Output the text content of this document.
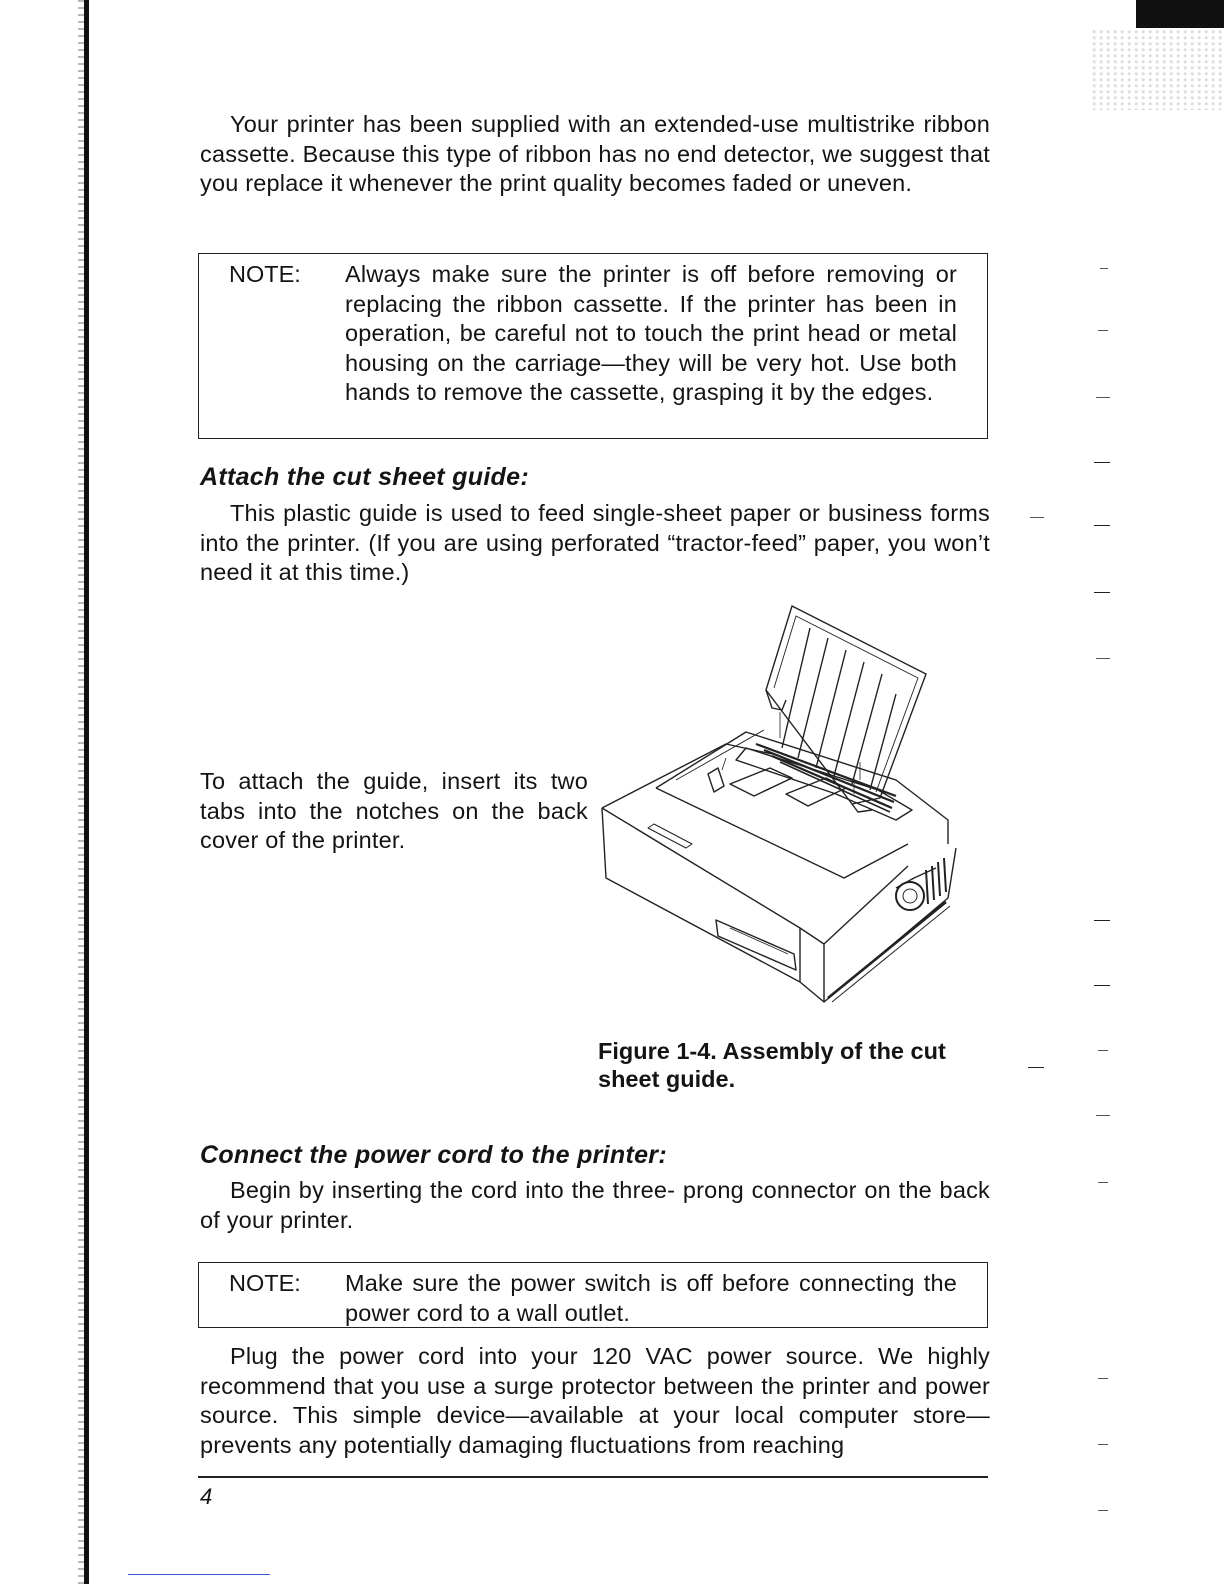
Your printer has been supplied with an extended-use multistrike ribbon cassette. Because this type of ribbon has no end detector, we suggest that you replace it whenever the print quality becomes faded or uneven.

NOTE: Always make sure the printer is off before removing or replacing the ribbon cassette. If the printer has been in operation, be careful not to touch the print head or metal housing on the carriage—they will be very hot. Use both hands to remove the cassette, grasping it by the edges.
Attach the cut sheet guide:

This plastic guide is used to feed single-sheet paper or business forms into the printer. (If you are using perforated “tractor-feed” paper, you won’t need it at this time.)

To attach the guide, insert its two tabs into the notches on the back cover of the printer.

Figure 1-4. Assembly of the cut sheet guide.

Connect the power cord to the printer:

Begin by inserting the cord into the three- prong connector on the back of your printer.

NOTE: Make sure the power switch is off before connecting the power cord to a wall outlet.

Plug the power cord into your 120 VAC power source. We highly recommend that you use a surge protector between the printer and power source. This simple device—available at your local computer store—prevents any potentially damaging fluctuations from reaching

4
